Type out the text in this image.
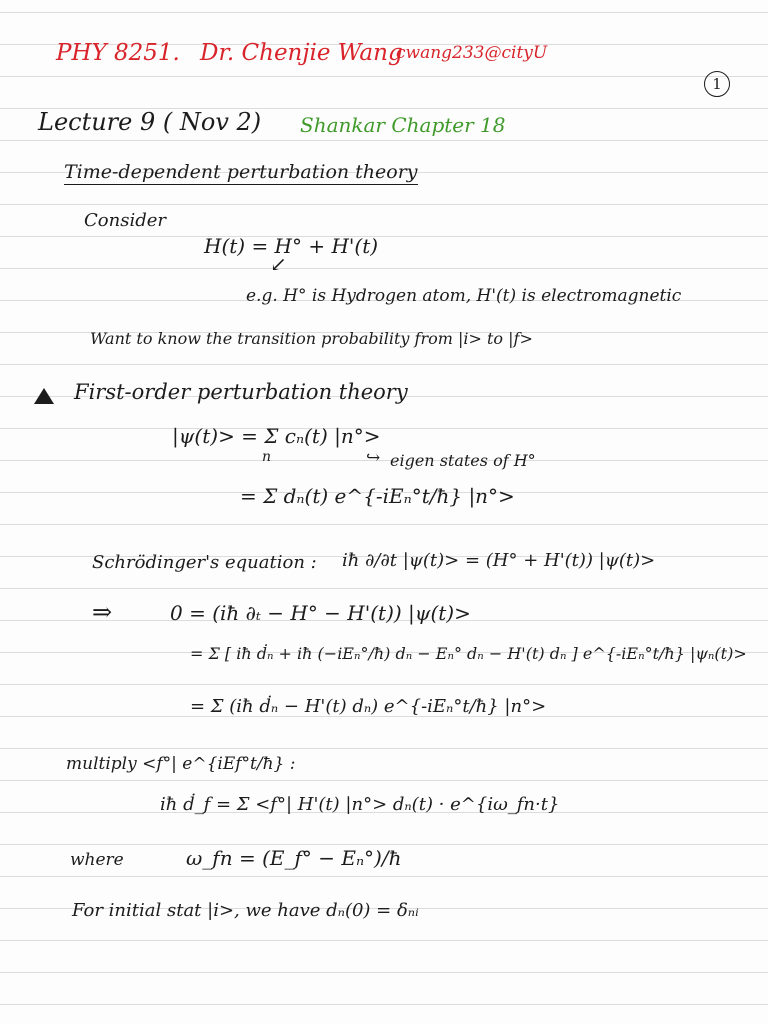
PHY 8251. Dr. Chenjie Wang
cwang233@cityU
1
Lecture 9 ( Nov 2) Shankar Chapter 18
Time-dependent perturbation theory
Consider
H(t) = H° + H'(t)
↙
e.g. H° is Hydrogen atom, H'(t) is electromagnetic
Want to know the transition probability from |i> to |f>
First-order perturbation theory
|ψ(t)> = Σ cₙ(t) |n°>
n	↪ eigen states of H°
= Σ dₙ(t) e^{-iEₙ°t/ħ} |n°>
Schrödinger's equation : iħ ∂/∂t |ψ(t)> = (H° + H'(t)) |ψ(t)>
⇒	0 = (iħ ∂ₜ − H° − H'(t)) |ψ(t)>
= Σ [ iħ ḋₙ + iħ (−iEₙ°/ħ) dₙ − Eₙ° dₙ − H'(t) dₙ ] e^{-iEₙ°t/ħ} |ψₙ(t)>
= Σ (iħ ḋₙ − H'(t) dₙ) e^{-iEₙ°t/ħ} |n°>
multiply <f°| e^{iEf°t/ħ} :
iħ ḋ_f = Σ <f°| H'(t) |n°> dₙ(t) · e^{iω_fn·t}
where	ω_fn = (E_f° − Eₙ°)/ħ
For initial stat |i>, we have dₙ(0) = δₙᵢ
